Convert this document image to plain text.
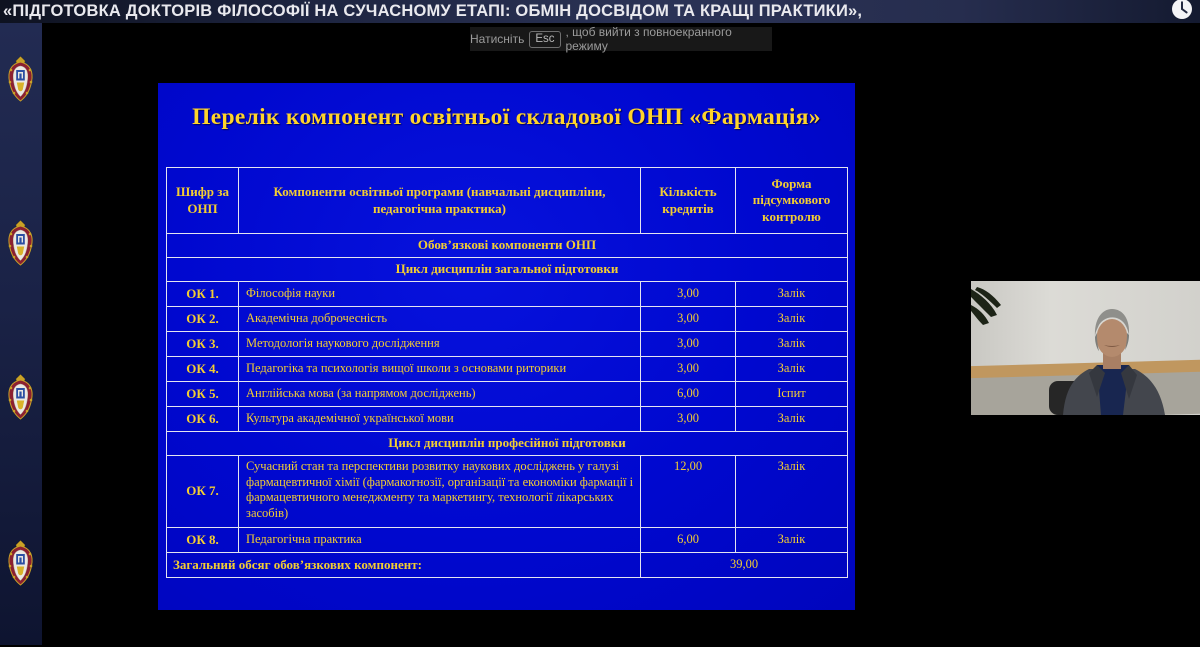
«ПІДГОТОВКА ДОКТОРІВ ФІЛОСОФІЇ НА СУЧАСНОМУ ЕТАПІ: ОБМІН ДОСВІДОМ ТА КРАЩІ ПРАКТИКИ»,
Натисніть Esc , щоб вийти з повноекранного режиму
Перелік компонент освітньої складової ОНП «Фармація»
Шифр за ОНП	Компоненти освітньої програми (навчальні дисципліни, педагогічна практика)	Кількість кредитів	Форма підсумкового контролю
Обов’язкові компоненти ОНП			
Цикл дисциплін загальної підготовки			
ОК 1.	Філософія науки	3,00	Залік
ОК 2.	Академічна доброчесність	3,00	Залік
ОК 3.	Методологія наукового дослідження	3,00	Залік
ОК 4.	Педагогіка та психологія вищої школи з основами риторики	3,00	Залік
ОК 5.	Англійська мова (за напрямом досліджень)	6,00	Іспит
ОК 6.	Культура академічної української мови	3,00	Залік
Цикл дисциплін професійної підготовки			
ОК 7.	Сучасний стан та перспективи розвитку наукових досліджень у галузі фармацевтичної хімії (фармакогнозії, організації та економіки фармації і фармацевтичного менеджменту та маркетингу, технології лікарських засобів)	12,00	Залік
ОК 8.	Педагогічна практика	6,00	Залік
Загальний обсяг обов’язкових компонент:		39,00	
